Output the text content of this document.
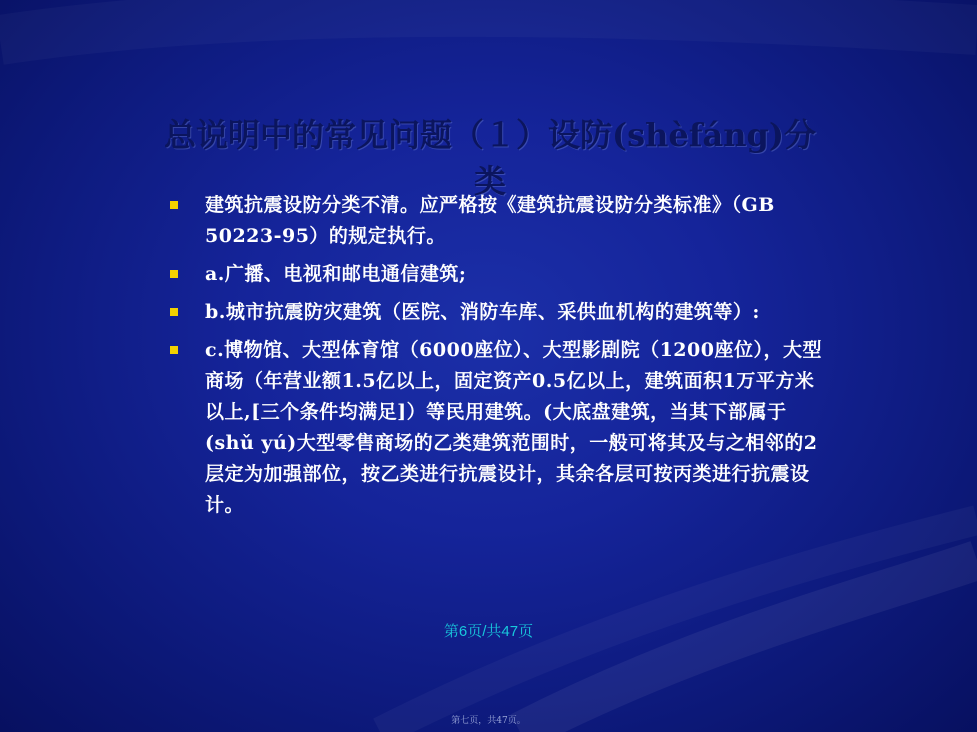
总说明中的常见问题（１）设防(shèfáng)分类
建筑抗震设防分类不清。应严格按《建筑抗震设防分类标准》（GB 50223-95）的规定执行。
a.广播、电视和邮电通信建筑;
b.城市抗震防灾建筑（医院、消防车库、采供血机构的建筑等）:
c.博物馆、大型体育馆（6000座位）、大型影剧院（1200座位），大型商场（年营业额1.5亿以上，固定资产0.5亿以上，建筑面积1万平方米以上,[三个条件均满足]）等民用建筑。(大底盘建筑，当其下部属于(shǔ yú)大型零售商场的乙类建筑范围时，一般可将其及与之相邻的2层定为加强部位，按乙类进行抗震设计，其余各层可按丙类进行抗震设计。
第6页/共47页
第七页，共47页。
